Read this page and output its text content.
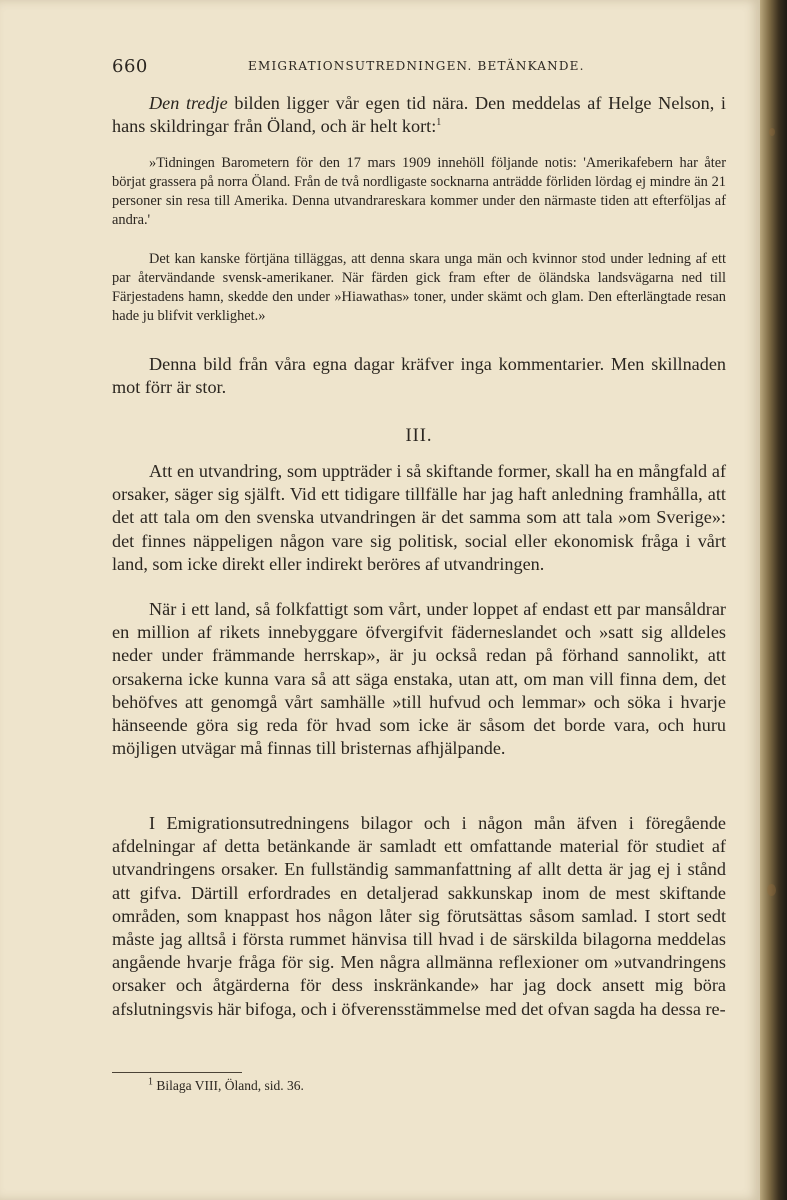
660	EMIGRATIONSUTREDNINGEN. BETÄNKANDE.
Den tredje bilden ligger vår egen tid nära. Den meddelas af Helge Nelson, i hans skildringar från Öland, och är helt kort:$^1$
»Tidningen Barometern för den 17 mars 1909 innehöll följande notis: 'Amerikafebern har åter börjat grassera på norra Öland. Från de två nordligaste socknarna anträdde förliden lördag ej mindre än 21 personer sin resa till Amerika. Denna utvandrareskara kommer under den närmaste tiden att efterföljas af andra.'
Det kan kanske förtjäna tilläggas, att denna skara unga män och kvinnor stod under ledning af ett par återvändande svensk-amerikaner. När färden gick fram efter de öländska landsvägarna ned till Färjestadens hamn, skedde den under »Hiawathas» toner, under skämt och glam. Den efterlängtade resan hade ju blifvit verklighet.»
Denna bild från våra egna dagar kräfver inga kommentarier. Men skillnaden mot förr är stor.
III.
Att en utvandring, som uppträder i så skiftande former, skall ha en mångfald af orsaker, säger sig själft. Vid ett tidigare tillfälle har jag haft anledning framhålla, att det att tala om den svenska utvandringen är det samma som att tala »om Sverige»: det finnes näppeligen någon vare sig politisk, social eller ekonomisk fråga i vårt land, som icke direkt eller indirekt beröres af utvandringen.
När i ett land, så folkfattigt som vårt, under loppet af endast ett par mansåldrar en million af rikets innebyggare öfvergifvit fäderneslandet och »satt sig alldeles neder under främmande herrskap», är ju också redan på förhand sannolikt, att orsakerna icke kunna vara så att säga enstaka, utan att, om man vill finna dem, det behöfves att genomgå vårt samhälle »till hufvud och lemmar» och söka i hvarje hänseende göra sig reda för hvad som icke är såsom det borde vara, och huru möjligen utvägar må finnas till bristernas afhjälpande.
I Emigrationsutredningens bilagor och i någon mån äfven i föregående afdelningar af detta betänkande är samladt ett omfattande material för studiet af utvandringens orsaker. En fullständig sammanfattning af allt detta är jag ej i stånd att gifva. Därtill erfordrades en detaljerad sakkunskap inom de mest skiftande områden, som knappast hos någon låter sig förutsättas såsom samlad. I stort sedt måste jag alltså i första rummet hänvisa till hvad i de särskilda bilagorna meddelas angående hvarje fråga för sig. Men några allmänna reflexioner om »utvandringens orsaker och åtgärderna för dess inskränkande» har jag dock ansett mig böra afslutningsvis här bifoga, och i öfverensstämmelse med det ofvan sagda ha dessa re-
$^1$ Bilaga VIII, Öland, sid. 36.
